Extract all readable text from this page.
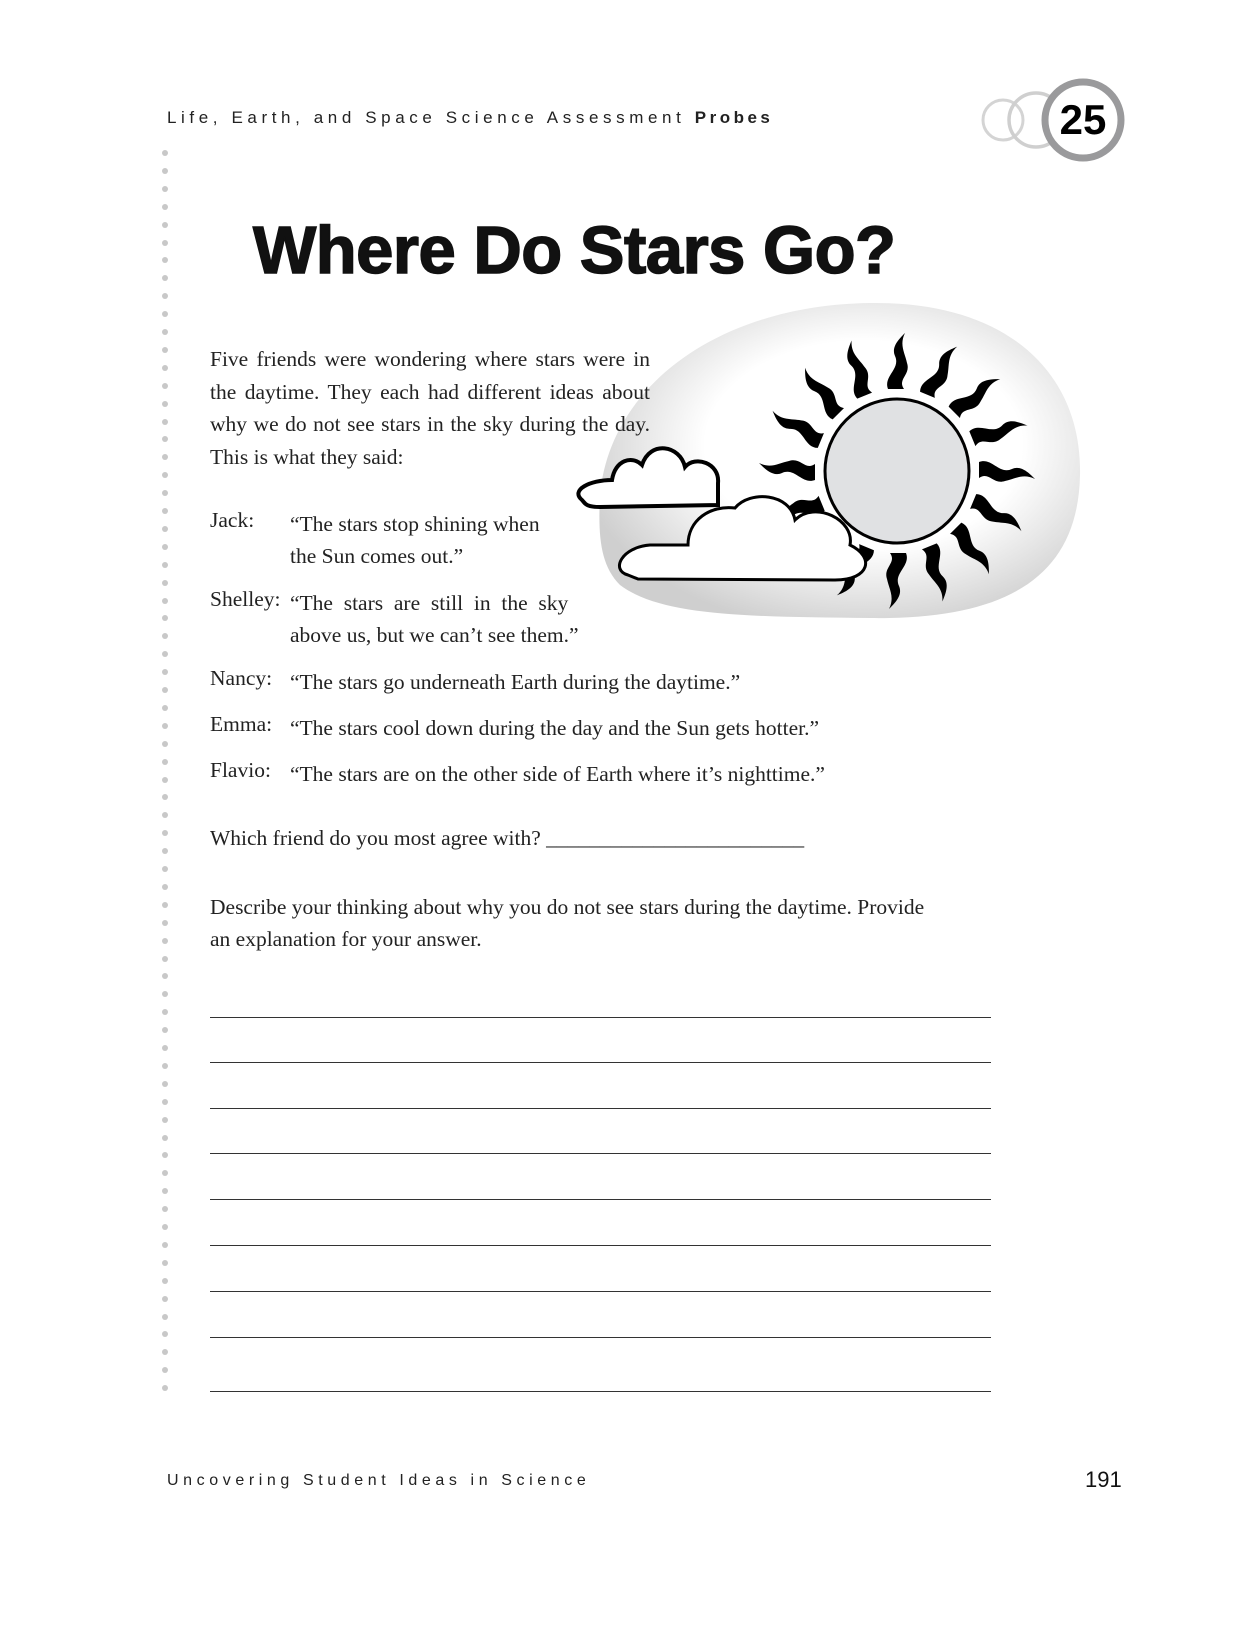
Life, Earth, and Space Science Assessment Probes	25
Where Do Stars Go?
Five friends were wondering where stars were in the daytime. They each had different ideas about why we do not see stars in the sky during the day. This is what they said:
Jack: “The stars stop shining when
the Sun comes out.”
Shelley: “The  stars  are  still  in  the  sky
above us, but we can’t see them.”
Nancy: “The stars go underneath Earth during the daytime.”
Emma: “The stars cool down during the day and the Sun gets hotter.”
Flavio: “The stars are on the other side of Earth where it’s nighttime.”
Which friend do you most agree with? ________________________
Describe your thinking about why you do not see stars during the daytime. Provide
an explanation for your answer.
Uncovering Student Ideas in Science	191
